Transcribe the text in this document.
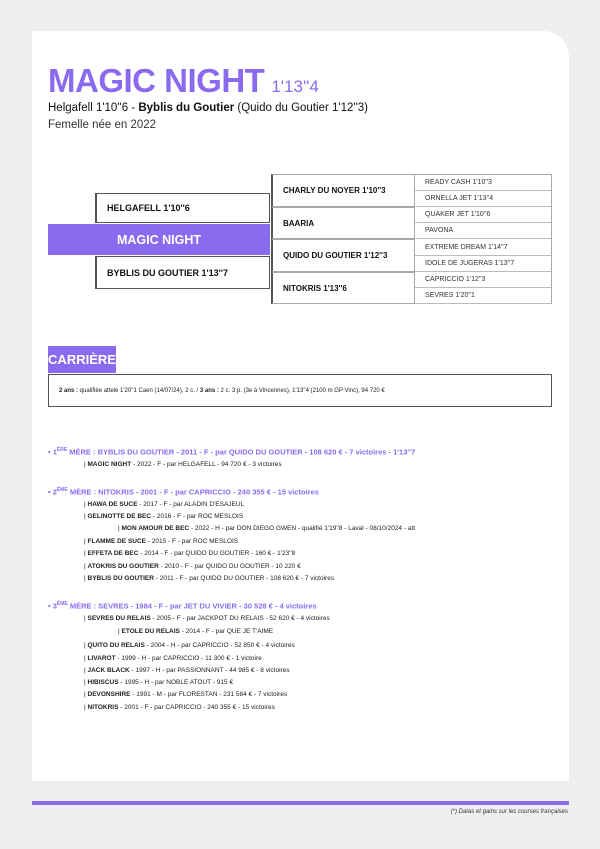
MAGIC NIGHT 1'13''4
Helgafell 1'10''6 - Byblis du Goutier (Quido du Goutier 1'12''3)
Femelle née en 2022
HELGAFELL 1'10''6
MAGIC NIGHT
BYBLIS DU GOUTIER 1'13''7
CHARLY DU NOYER 1'10''3
BAARIA
QUIDO DU GOUTIER 1'12''3
NITOKRIS 1'13''6
READY CASH 1'10''3
ORNELLA JET 1'13''4
QUAKER JET 1'10''6
PAVONA
EXTREME DREAM 1'14''7
IDOLE DE JUGERAS 1'13''7
CAPRICCIO 1'12''3
SEVRES 1'20''1
CARRIÈRE
2 ans : qualifiée attelé 1'20''1 Caen (14/07/24), 2 c. / 3 ans : 2 c. 3 p. (3e à Vincennes), 1'13''4 (2100 m GP Vinc), 94 720 €
• 1ÈRE MÈRE : BYBLIS DU GOUTIER - 2011 - F - par QUIDO DU GOUTIER - 108 620 € - 7 victoires - 1'13''7
| MAGIC NIGHT - 2022 - F - par HELGAFELL - 94 720 € - 3 victoires
• 2ÈME MÈRE : NITOKRIS - 2001 - F - par CAPRICCIO - 240 355 € - 15 victoires
| HAWA DE SUCE - 2017 - F - par ALADIN D'ESAJEUL
| GELINOTTE DE BEC - 2016 - F - par ROC MESLOIS
| MON AMOUR DE BEC - 2022 - H - par DON DIEGO GWEN - qualifié 1'19''8 - Laval - 08/10/2024 - att
| FLAMME DE SUCE - 2015 - F - par ROC MESLOIS
| EFFETA DE BEC - 2014 - F - par QUIDO DU GOUTIER - 160 € - 1'23''8
| ATOKRIS DU GOUTIER - 2010 - F - par QUIDO DU GOUTIER - 10 220 €
| BYBLIS DU GOUTIER - 2011 - F - par QUIDO DU GOUTIER - 108 620 € - 7 victoires
• 3ÈME MÈRE : SEVRES - 1984 - F - par JET DU VIVIER - 30 528 € - 4 victoires
| SEVRES DU RELAIS - 2005 - F - par JACKPOT DU RELAIS - 52 620 € - 4 victoires
| ETOLE DU RELAIS - 2014 - F - par QUE JE T'AIME
| QUITO DU RELAIS - 2004 - H - par CAPRICCIO - 52 850 € - 4 victoires
| LIVAROT - 1999 - H - par CAPRICCIO - 11 300 € - 1 victoire
| JACK BLACK - 1997 - H - par PASSIONNANT - 44 985 € - 8 victoires
| HIBISCUS - 1995 - H - par NOBLE ATOUT - 915 €
| DEVONSHIRE - 1991 - M - par FLORESTAN - 231 584 € - 7 victoires
| NITOKRIS - 2001 - F - par CAPRICCIO - 240 355 € - 15 victoires
(*) Datas et gains sur les courses françaises
